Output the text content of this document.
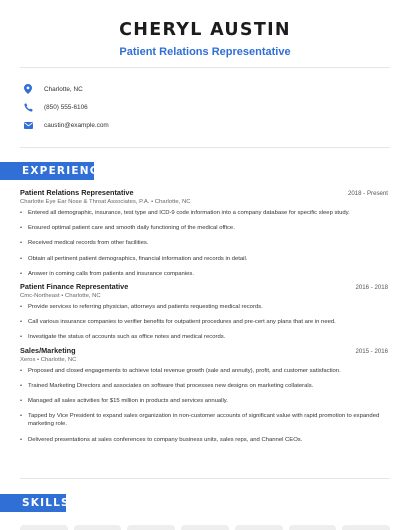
CHERYL AUSTIN
Patient Relations Representative
Charlotte, NC
(850) 555-6106
caustin@example.com
EXPERIENCE
Patient Relations Representative	2018 - Present
Charlotte Eye Ear Nose & Throat Associates, P.A. • Charlotte, NC
• Entered all demographic, insurance, test type and ICD-9 code information into a company database for specific sleep study.
• Ensured optimal patient care and smooth daily functioning of the medical office.
• Received medical records from other facilities.
• Obtain all pertinent patient demographics, financial information and records in detail.
• Answer in coming calls from patients and insurance companies.
Patient Finance Representative	2016 - 2018
Cmc-Northeast • Charlotte, NC
• Provide services to referring physician, attorneys and patients requesting medical records.
• Call various insurance companies to verifier benefits for outpatient procedures and pre-cert any plans that are in need.
• Investigate the status of accounts such as office notes and medical records.
Sales/Marketing	2015 - 2016
Xerox • Charlotte, NC
• Proposed and closed engagements to achieve total revenue growth (sale and annuity), profit, and customer satisfaction.
• Trained Marketing Directors and associates on software that processes new designs on marketing collaterals.
• Managed all sales activities for $15 million in products and services annually.
• Tapped by Vice President to expand sales organization in non-customer accounts of significant value with rapid promotion to expanded marketing role.
• Delivered presentations at sales conferences to company business units, sales reps, and Channel CEOs.
SKILLS
